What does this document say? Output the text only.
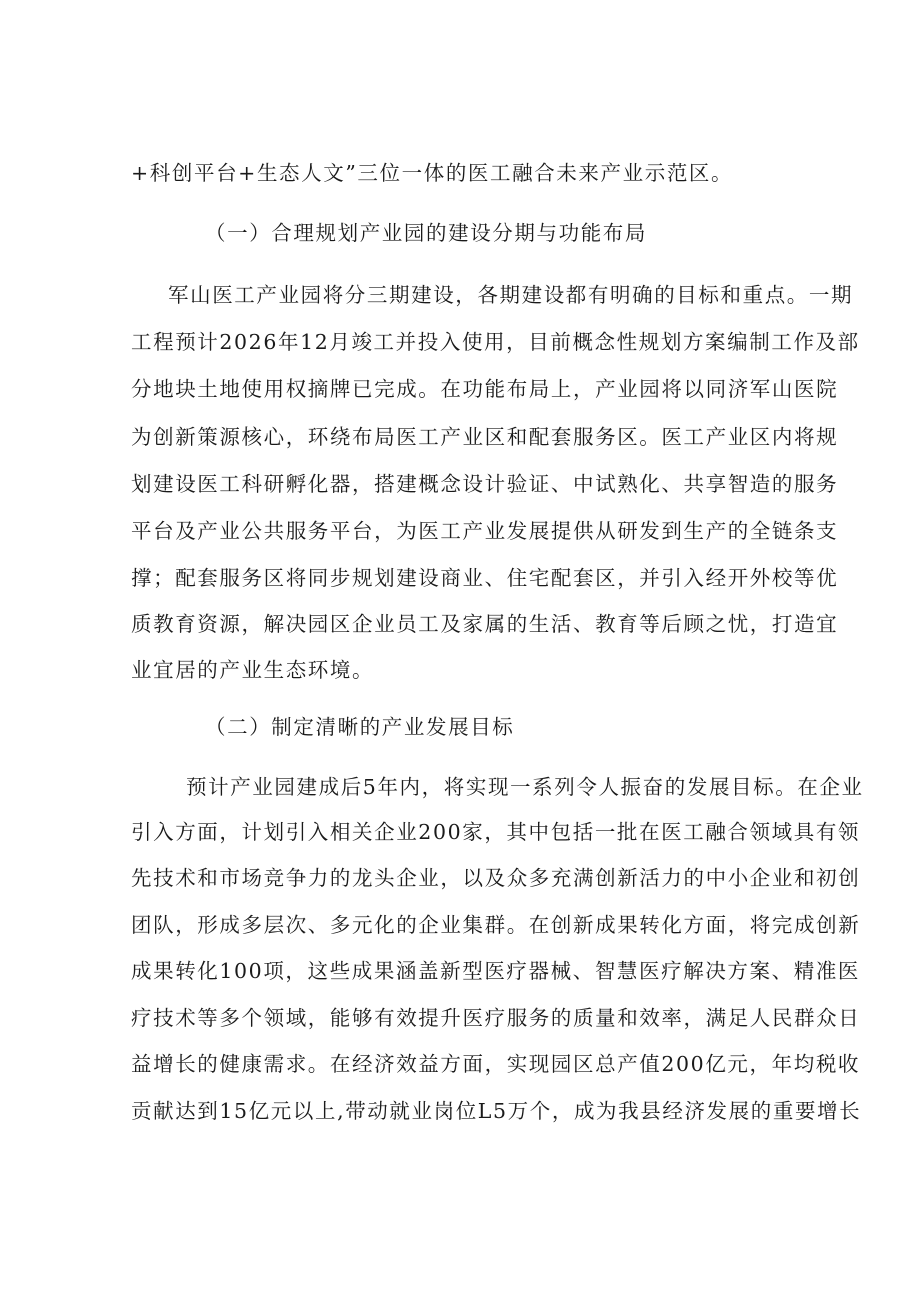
+科创平台+生态人文”三位一体的医工融合未来产业示范区。
（一）合理规划产业园的建设分期与功能布局
军山医工产业园将分三期建设，各期建设都有明确的目标和重点。一期
工程预计2026年12月竣工并投入使用，目前概念性规划方案编制工作及部
分地块土地使用权摘牌已完成。在功能布局上，产业园将以同济军山医院
为创新策源核心，环绕布局医工产业区和配套服务区。医工产业区内将规
划建设医工科研孵化器，搭建概念设计验证、中试熟化、共享智造的服务
平台及产业公共服务平台，为医工产业发展提供从研发到生产的全链条支
撑；配套服务区将同步规划建设商业、住宅配套区，并引入经开外校等优
质教育资源，解决园区企业员工及家属的生活、教育等后顾之忧，打造宜
业宜居的产业生态环境。
（二）制定清晰的产业发展目标
预计产业园建成后5年内，将实现一系列令人振奋的发展目标。在企业
引入方面，计划引入相关企业200家，其中包括一批在医工融合领域具有领
先技术和市场竞争力的龙头企业，以及众多充满创新活力的中小企业和初创
团队，形成多层次、多元化的企业集群。在创新成果转化方面，将完成创新
成果转化100项，这些成果涵盖新型医疗器械、智慧医疗解决方案、精准医
疗技术等多个领域，能够有效提升医疗服务的质量和效率，满足人民群众日
益增长的健康需求。在经济效益方面，实现园区总产值200亿元，年均税收
贡献达到15亿元以上,带动就业岗位L5万个，成为我县经济发展的重要增长
